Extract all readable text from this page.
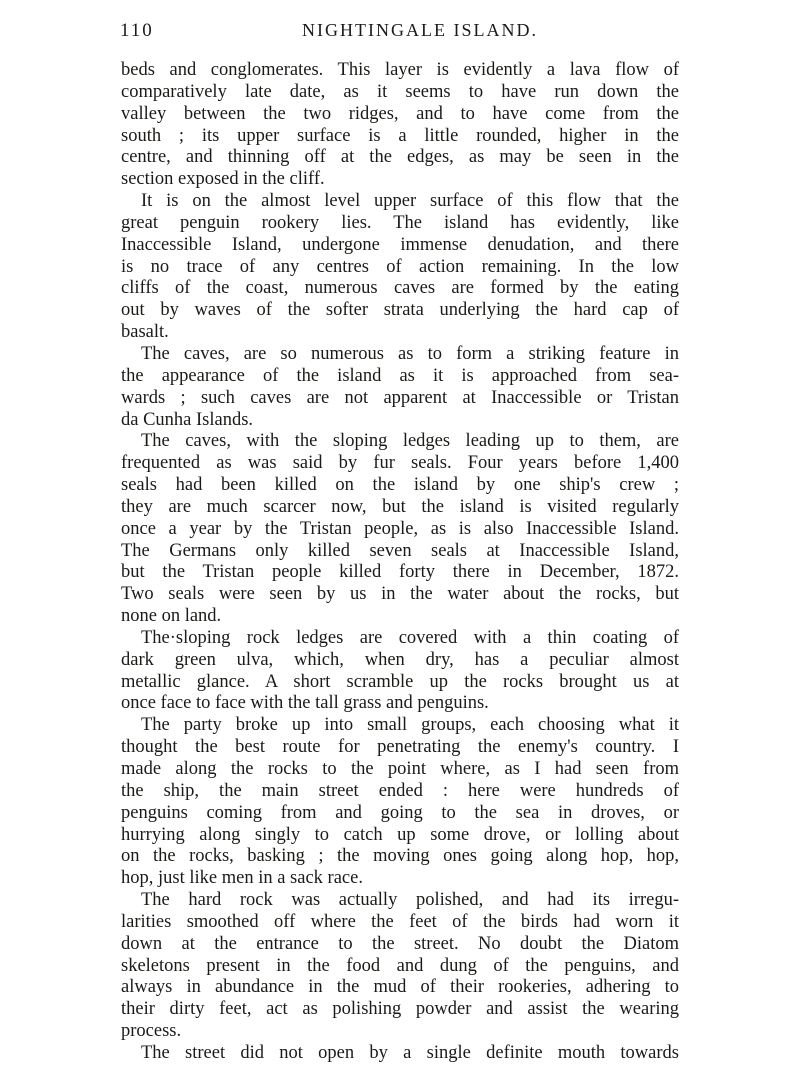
110	NIGHTINGALE ISLAND.
beds and conglomerates. This layer is evidently a lava flow of
comparatively late date, as it seems to have run down the
valley between the two ridges, and to have come from the
south ; its upper surface is a little rounded, higher in the
centre, and thinning off at the edges, as may be seen in the
section exposed in the cliff.
It is on the almost level upper surface of this flow that the
great penguin rookery lies. The island has evidently, like
Inaccessible Island, undergone immense denudation, and there
is no trace of any centres of action remaining. In the low
cliffs of the coast, numerous caves are formed by the eating
out by waves of the softer strata underlying the hard cap of
basalt.
The caves, are so numerous as to form a striking feature in
the appearance of the island as it is approached from sea-
wards ; such caves are not apparent at Inaccessible or Tristan
da Cunha Islands.
The caves, with the sloping ledges leading up to them, are
frequented as was said by fur seals. Four years before 1,400
seals had been killed on the island by one ship's crew ;
they are much scarcer now, but the island is visited regularly
once a year by the Tristan people, as is also Inaccessible Island.
The Germans only killed seven seals at Inaccessible Island,
but the Tristan people killed forty there in December, 1872.
Two seals were seen by us in the water about the rocks, but
none on land.
The·sloping rock ledges are covered with a thin coating of
dark green ulva, which, when dry, has a peculiar almost
metallic glance. A short scramble up the rocks brought us at
once face to face with the tall grass and penguins.
The party broke up into small groups, each choosing what it
thought the best route for penetrating the enemy's country. I
made along the rocks to the point where, as I had seen from
the ship, the main street ended : here were hundreds of
penguins coming from and going to the sea in droves, or
hurrying along singly to catch up some drove, or lolling about
on the rocks, basking ; the moving ones going along hop, hop,
hop, just like men in a sack race.
The hard rock was actually polished, and had its irregu-
larities smoothed off where the feet of the birds had worn it
down at the entrance to the street. No doubt the Diatom
skeletons present in the food and dung of the penguins, and
always in abundance in the mud of their rookeries, adhering to
their dirty feet, act as polishing powder and assist the wearing
process.
The street did not open by a single definite mouth towards
